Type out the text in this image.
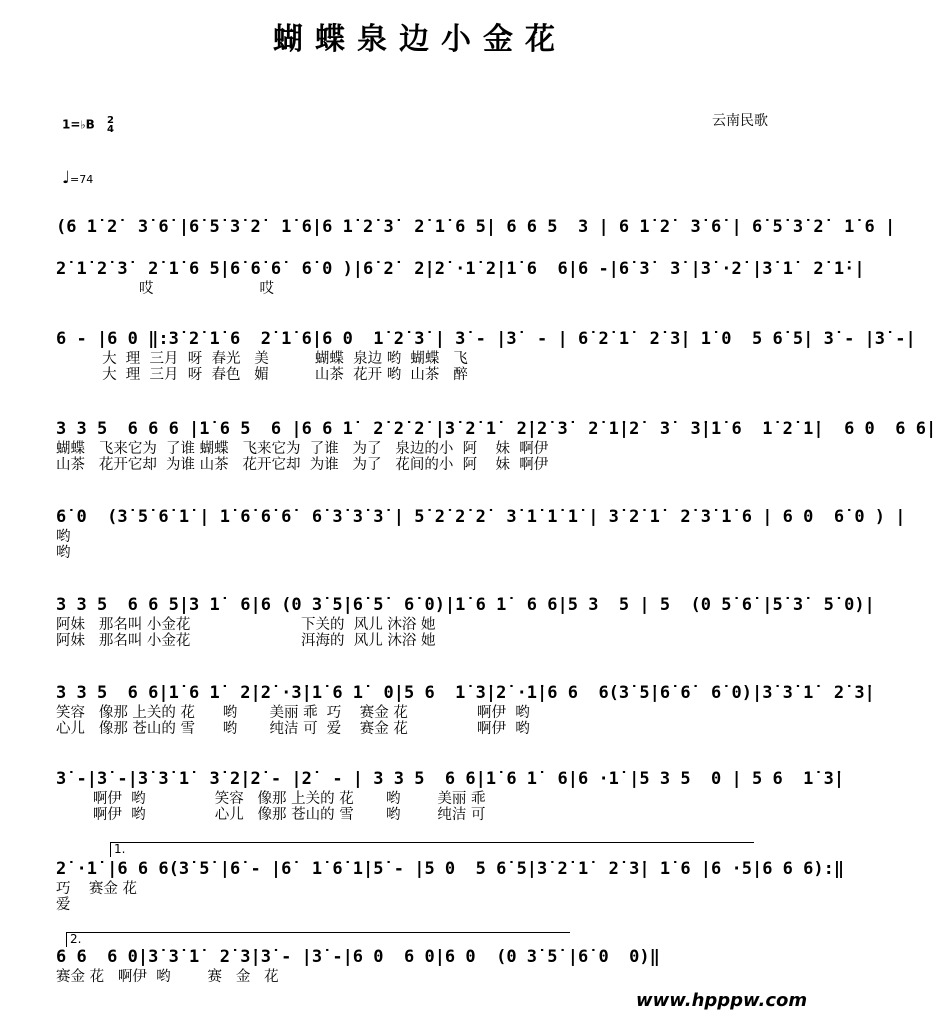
蝴蝶泉边小金花
1=♭B 2
4
♩=74
云南民歌
(6 1̇ 2̇  3̇ 6̇ |6̇ 5̇ 3̇ 2̇  1̇ 6|6 1̇ 2̇ 3̇  2̇ 1̇ 6 5| 6 6 5  3 | 6 1̇ 2̇  3̇ 6̇ | 6̇ 5̇ 3̇ 2̇  1̇ 6 |
2̇ 1̇ 2̇ 3̇  2̇ 1̇ 6 5|6̇ 6̇ 6̇  6̇ 0 )|6̇ 2̇  2̇|2̇ ·1̇ 2̇|1̇ 6  6|6 -|6̇ 3̇  3̇ |3̇ ·2̇ |3̇ 1̇  2̇ 1̇·|
哎                       哎
6 - |6 0 ‖:3̇ 2̇ 1̇ 6  2̇ 1̇ 6|6 0  1̇ 2̇ 3̇ | 3̇ - |3̇  - | 6̇ 2̇ 1̇  2̇ 3̇| 1̇ 0  5 6̇ 5| 3̇ - |3̇ -|
大  理  三月  呀  春光   美          蝴蝶  泉边 哟  蝴蝶   飞
大  理  三月  呀  春色   媚          山茶  花开 哟  山茶   醉
3 3 5  6 6 6 |1̇ 6 5  6 |6 6 1̇  2̇ 2̇ 2̇ |3̇ 2̇ 1̇  2̇|2̇ 3̇  2̇ 1̇|2̇  3̇  3̇|1̇ 6  1̇ 2̇ 1̇|  6 0  6 6|
蝴蝶   飞来它为  了谁 蝴蝶   飞来它为  了谁   为了   泉边的小  阿    妹  啊伊
山茶   花开它却  为谁 山茶   花开它却  为谁   为了   花间的小  阿    妹  啊伊
6̇ 0  (3̇ 5̇ 6̇ 1̇ | 1̇ 6̇ 6̇ 6̇  6̇ 3̇ 3̇ 3̇ | 5̇ 2̇ 2̇ 2̇  3̇ 1̇ 1̇ 1̇ | 3̇ 2̇ 1̇  2̇ 3̇ 1̇ 6 | 6 0  6̇ 0 ) |
哟
哟
3 3 5  6 6 5|3 1̇  6|6 (0 3̇ 5̇|6̇ 5̇  6̇ 0)|1̇ 6 1̇  6 6|5 3  5 | 5  (0 5̇ 6̇ |5̇ 3̇  5̇ 0)|
阿妹   那名叫 小金花                        下关的  风儿 沐浴 她
阿妹   那名叫 小金花                        洱海的  风儿 沐浴 她
3 3 5  6 6|1̇ 6 1̇  2̇|2̇ ·3̇|1̇ 6 1̇  0|5 6  1̇ 3̇|2̇ ·1̇|6 6  6(3̇ 5̇|6̇ 6̇  6̇ 0)|3̇ 3̇ 1̇  2̇ 3̇|
笑容   像那 上关的 花      哟       美丽 乖  巧    赛金 花               啊伊  哟
心儿   像那 苍山的 雪      哟       纯洁 可  爱    赛金 花               啊伊  哟
3̇ -|3̇ -|3̇ 3̇ 1̇  3̇ 2̇|2̇ - |2̇  - | 3 3 5  6 6|1̇ 6 1̇  6|6 ·1̇ |5 3 5  0 | 5 6  1̇ 3̇|
啊伊  哟               笑容   像那 上关的 花       哟        美丽 乖
啊伊  哟               心儿   像那 苍山的 雪       哟        纯洁 可
1.
2̇ ·1̇ |6 6 6(3̇ 5̇ |6̇ - |6̇  1̇ 6̇ 1̇|5̇ - |5 0  5 6̇ 5|3̇ 2̇ 1̇  2̇ 3̇| 1̇ 6 |6 ·5|6 6 6):‖
巧    赛金 花
爱
2.
6 6  6 0|3̇ 3̇ 1̇  2̇ 3̇|3̇ - |3̇ -|6 0  6 0|6 0  (0 3̇ 5̇ |6̇ 0  0)‖
赛金 花   啊伊  哟        赛   金   花
www.hpppw.com
